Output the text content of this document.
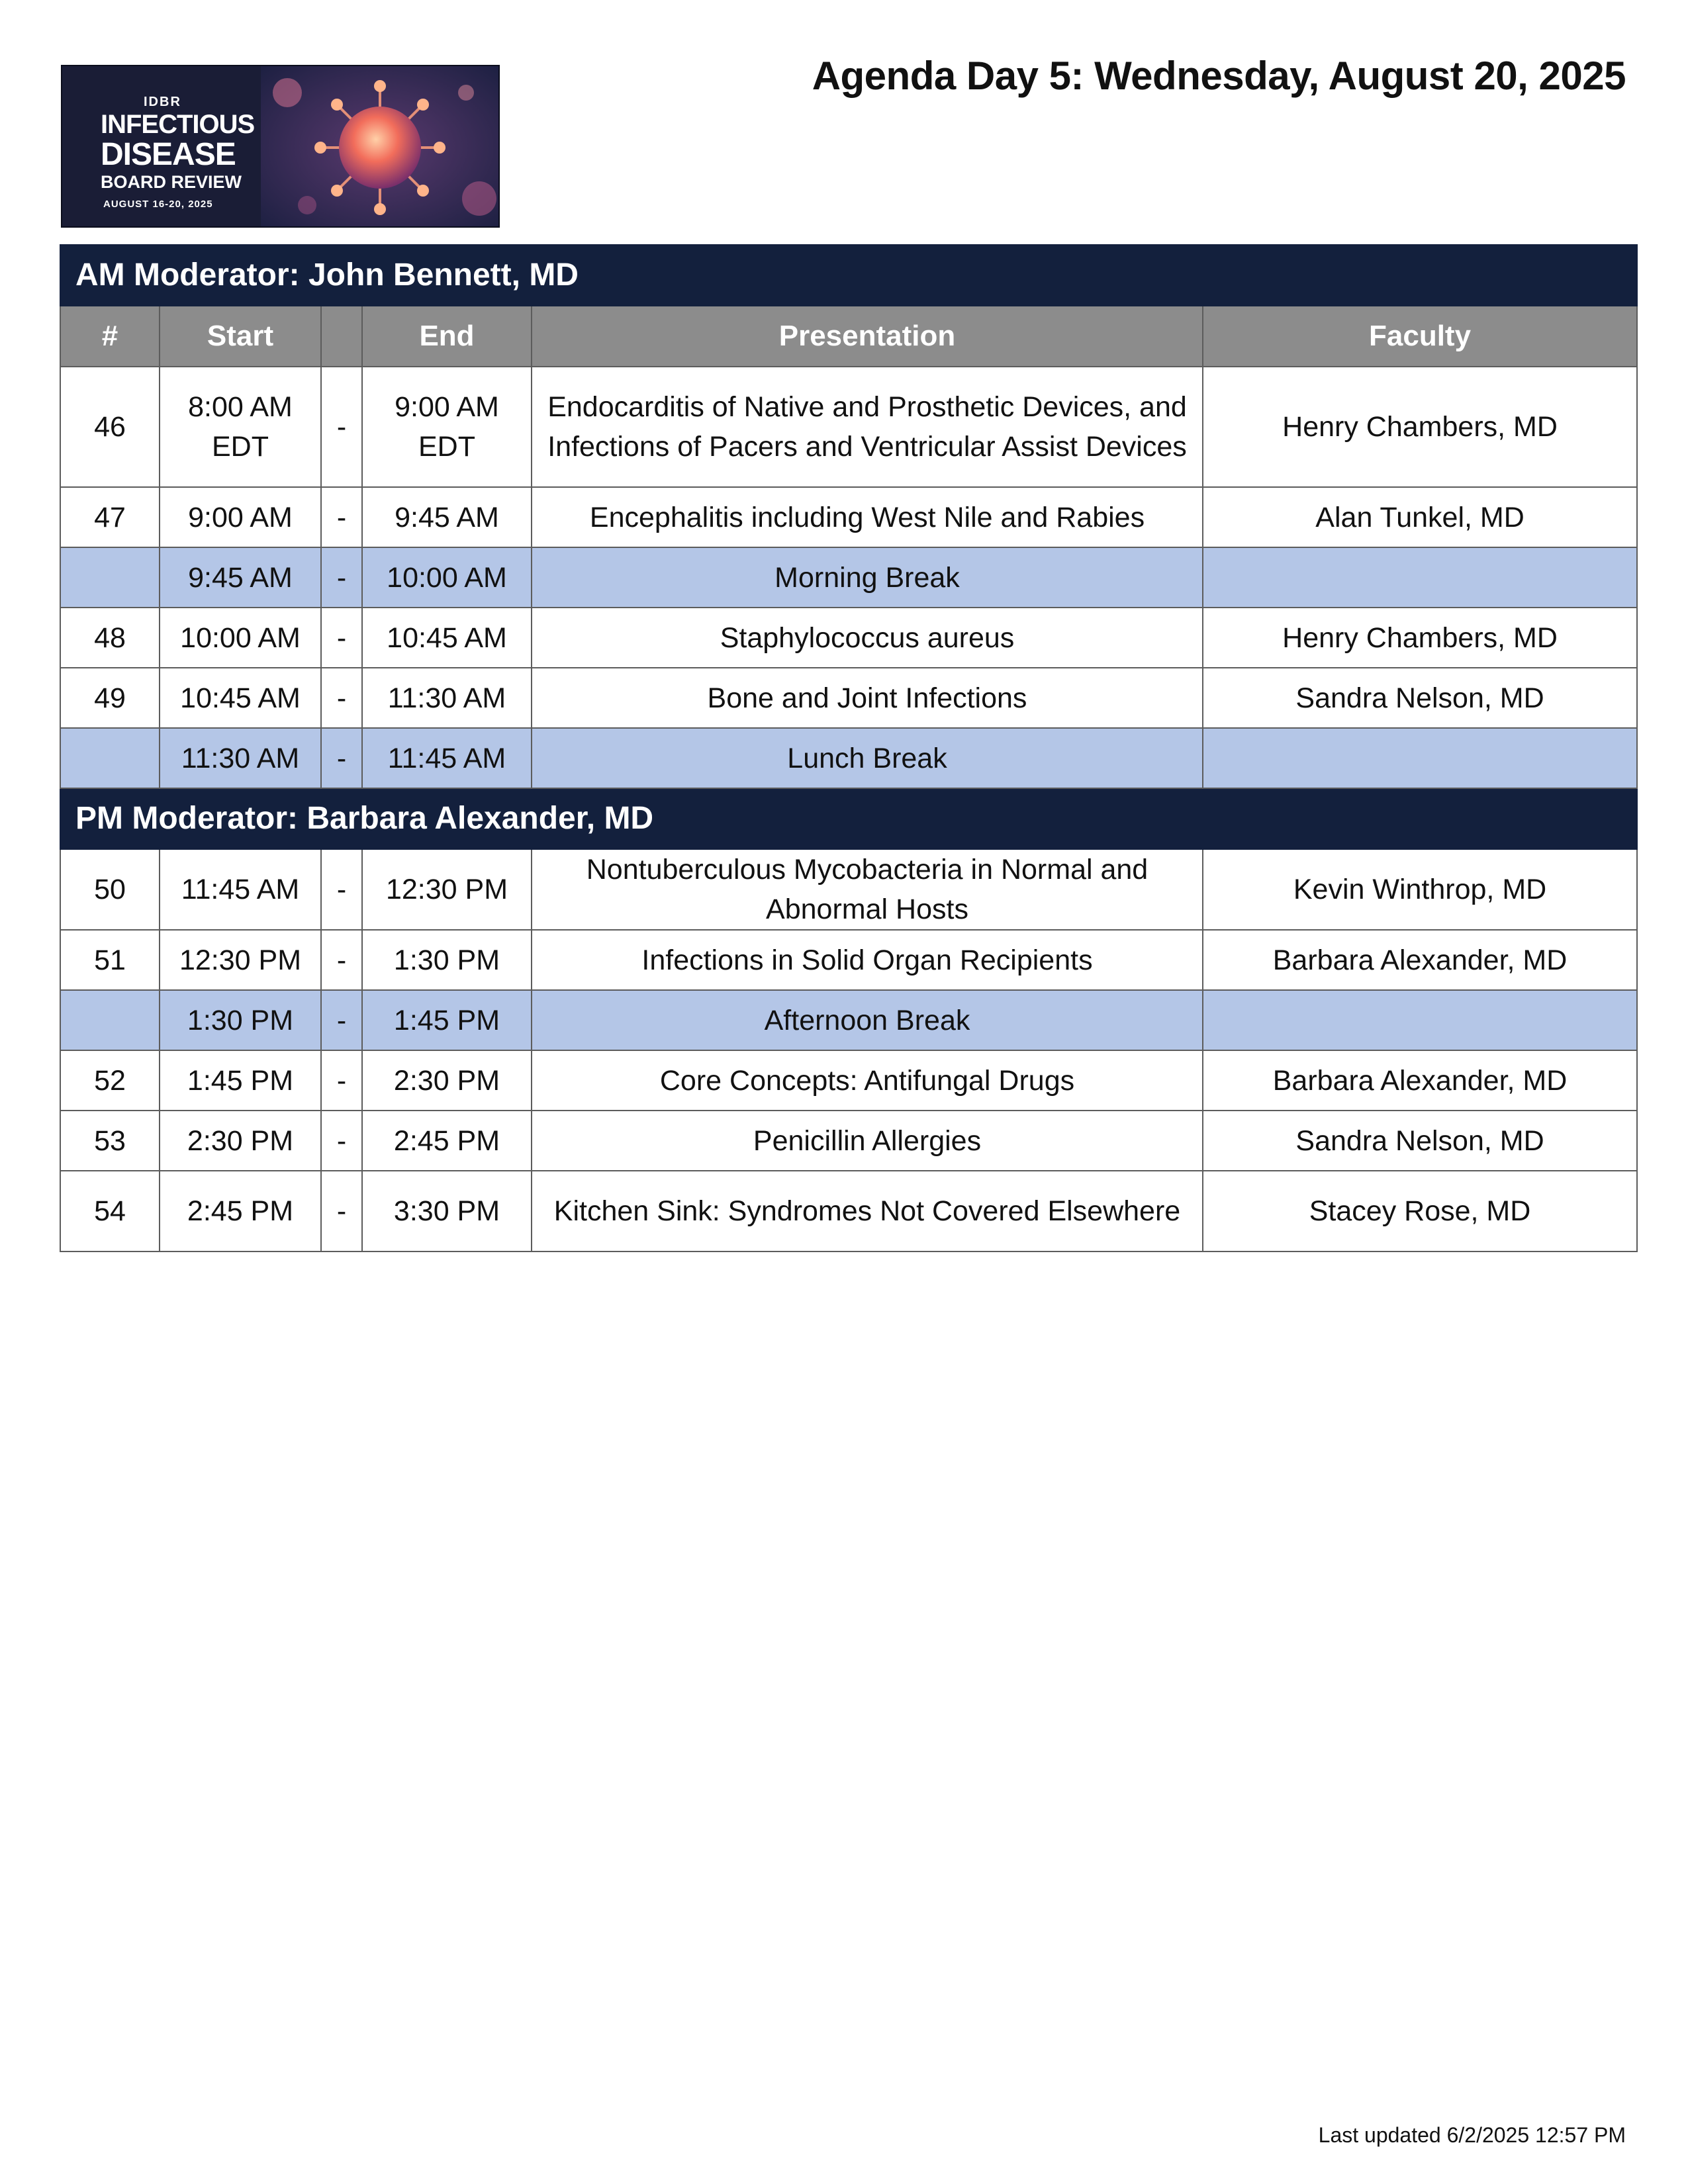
IDBR
INFECTIOUS
DISEASE
BOARD REVIEW
AUGUST 16-20, 2025
Agenda Day 5: Wednesday, August 20, 2025
AM Moderator: John Bennett, MD					
#	Start		End	Presentation	Faculty
46	8:00 AM EDT	-	9:00 AM EDT	Endocarditis of Native and Prosthetic Devices, and Infections of Pacers and Ventricular Assist Devices	Henry Chambers, MD
47	9:00 AM	-	9:45 AM	Encephalitis including West Nile and Rabies	Alan Tunkel, MD
	9:45 AM	-	10:00 AM	Morning Break	
48	10:00 AM	-	10:45 AM	Staphylococcus aureus	Henry Chambers, MD
49	10:45 AM	-	11:30 AM	Bone and Joint Infections	Sandra Nelson, MD
	11:30 AM	-	11:45 AM	Lunch Break	
PM Moderator: Barbara Alexander, MD					
50	11:45 AM	-	12:30 PM	Nontuberculous Mycobacteria in Normal and Abnormal Hosts	Kevin Winthrop, MD
51	12:30 PM	-	1:30 PM	Infections in Solid Organ Recipients	Barbara Alexander, MD
	1:30 PM	-	1:45 PM	Afternoon Break	
52	1:45 PM	-	2:30 PM	Core Concepts: Antifungal Drugs	Barbara Alexander, MD
53	2:30 PM	-	2:45 PM	Penicillin Allergies	Sandra Nelson, MD
54	2:45 PM	-	3:30 PM	Kitchen Sink: Syndromes Not Covered Elsewhere	Stacey Rose, MD
Last updated 6/2/2025 12:57 PM
